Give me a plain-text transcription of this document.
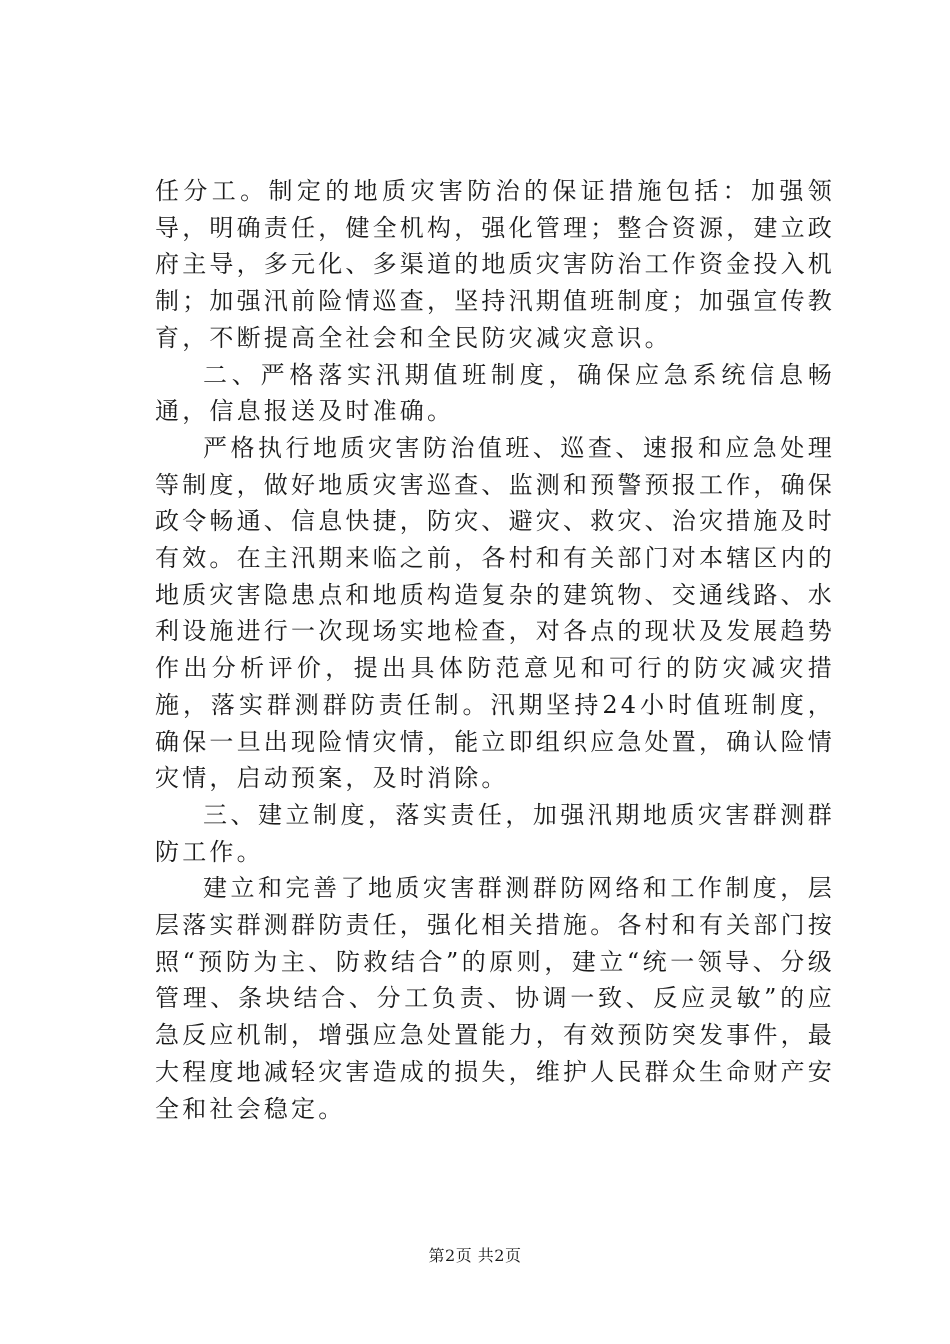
任分工。制定的地质灾害防治的保证措施包括：加强领导，明确责任，健全机构，强化管理；整合资源，建立政府主导，多元化、多渠道的地质灾害防治工作资金投入机制；加强汛前险情巡查，坚持汛期值班制度；加强宣传教育，不断提高全社会和全民防灾减灾意识。

二、严格落实汛期值班制度，确保应急系统信息畅通，信息报送及时准确。

严格执行地质灾害防治值班、巡查、速报和应急处理等制度，做好地质灾害巡查、监测和预警预报工作，确保政令畅通、信息快捷，防灾、避灾、救灾、治灾措施及时有效。在主汛期来临之前，各村和有关部门对本辖区内的地质灾害隐患点和地质构造复杂的建筑物、交通线路、水利设施进行一次现场实地检查，对各点的现状及发展趋势作出分析评价，提出具体防范意见和可行的防灾减灾措施，落实群测群防责任制。汛期坚持24小时值班制度，确保一旦出现险情灾情，能立即组织应急处置，确认险情灾情，启动预案，及时消除。

三、建立制度，落实责任，加强汛期地质灾害群测群防工作。

建立和完善了地质灾害群测群防网络和工作制度，层层落实群测群防责任，强化相关措施。各村和有关部门按照“预防为主、防救结合”的原则，建立“统一领导、分级管理、条块结合、分工负责、协调一致、反应灵敏”的应急反应机制，增强应急处置能力，有效预防突发事件，最大程度地减轻灾害造成的损失，维护人民群众生命财产安全和社会稳定。

第2页 共2页
